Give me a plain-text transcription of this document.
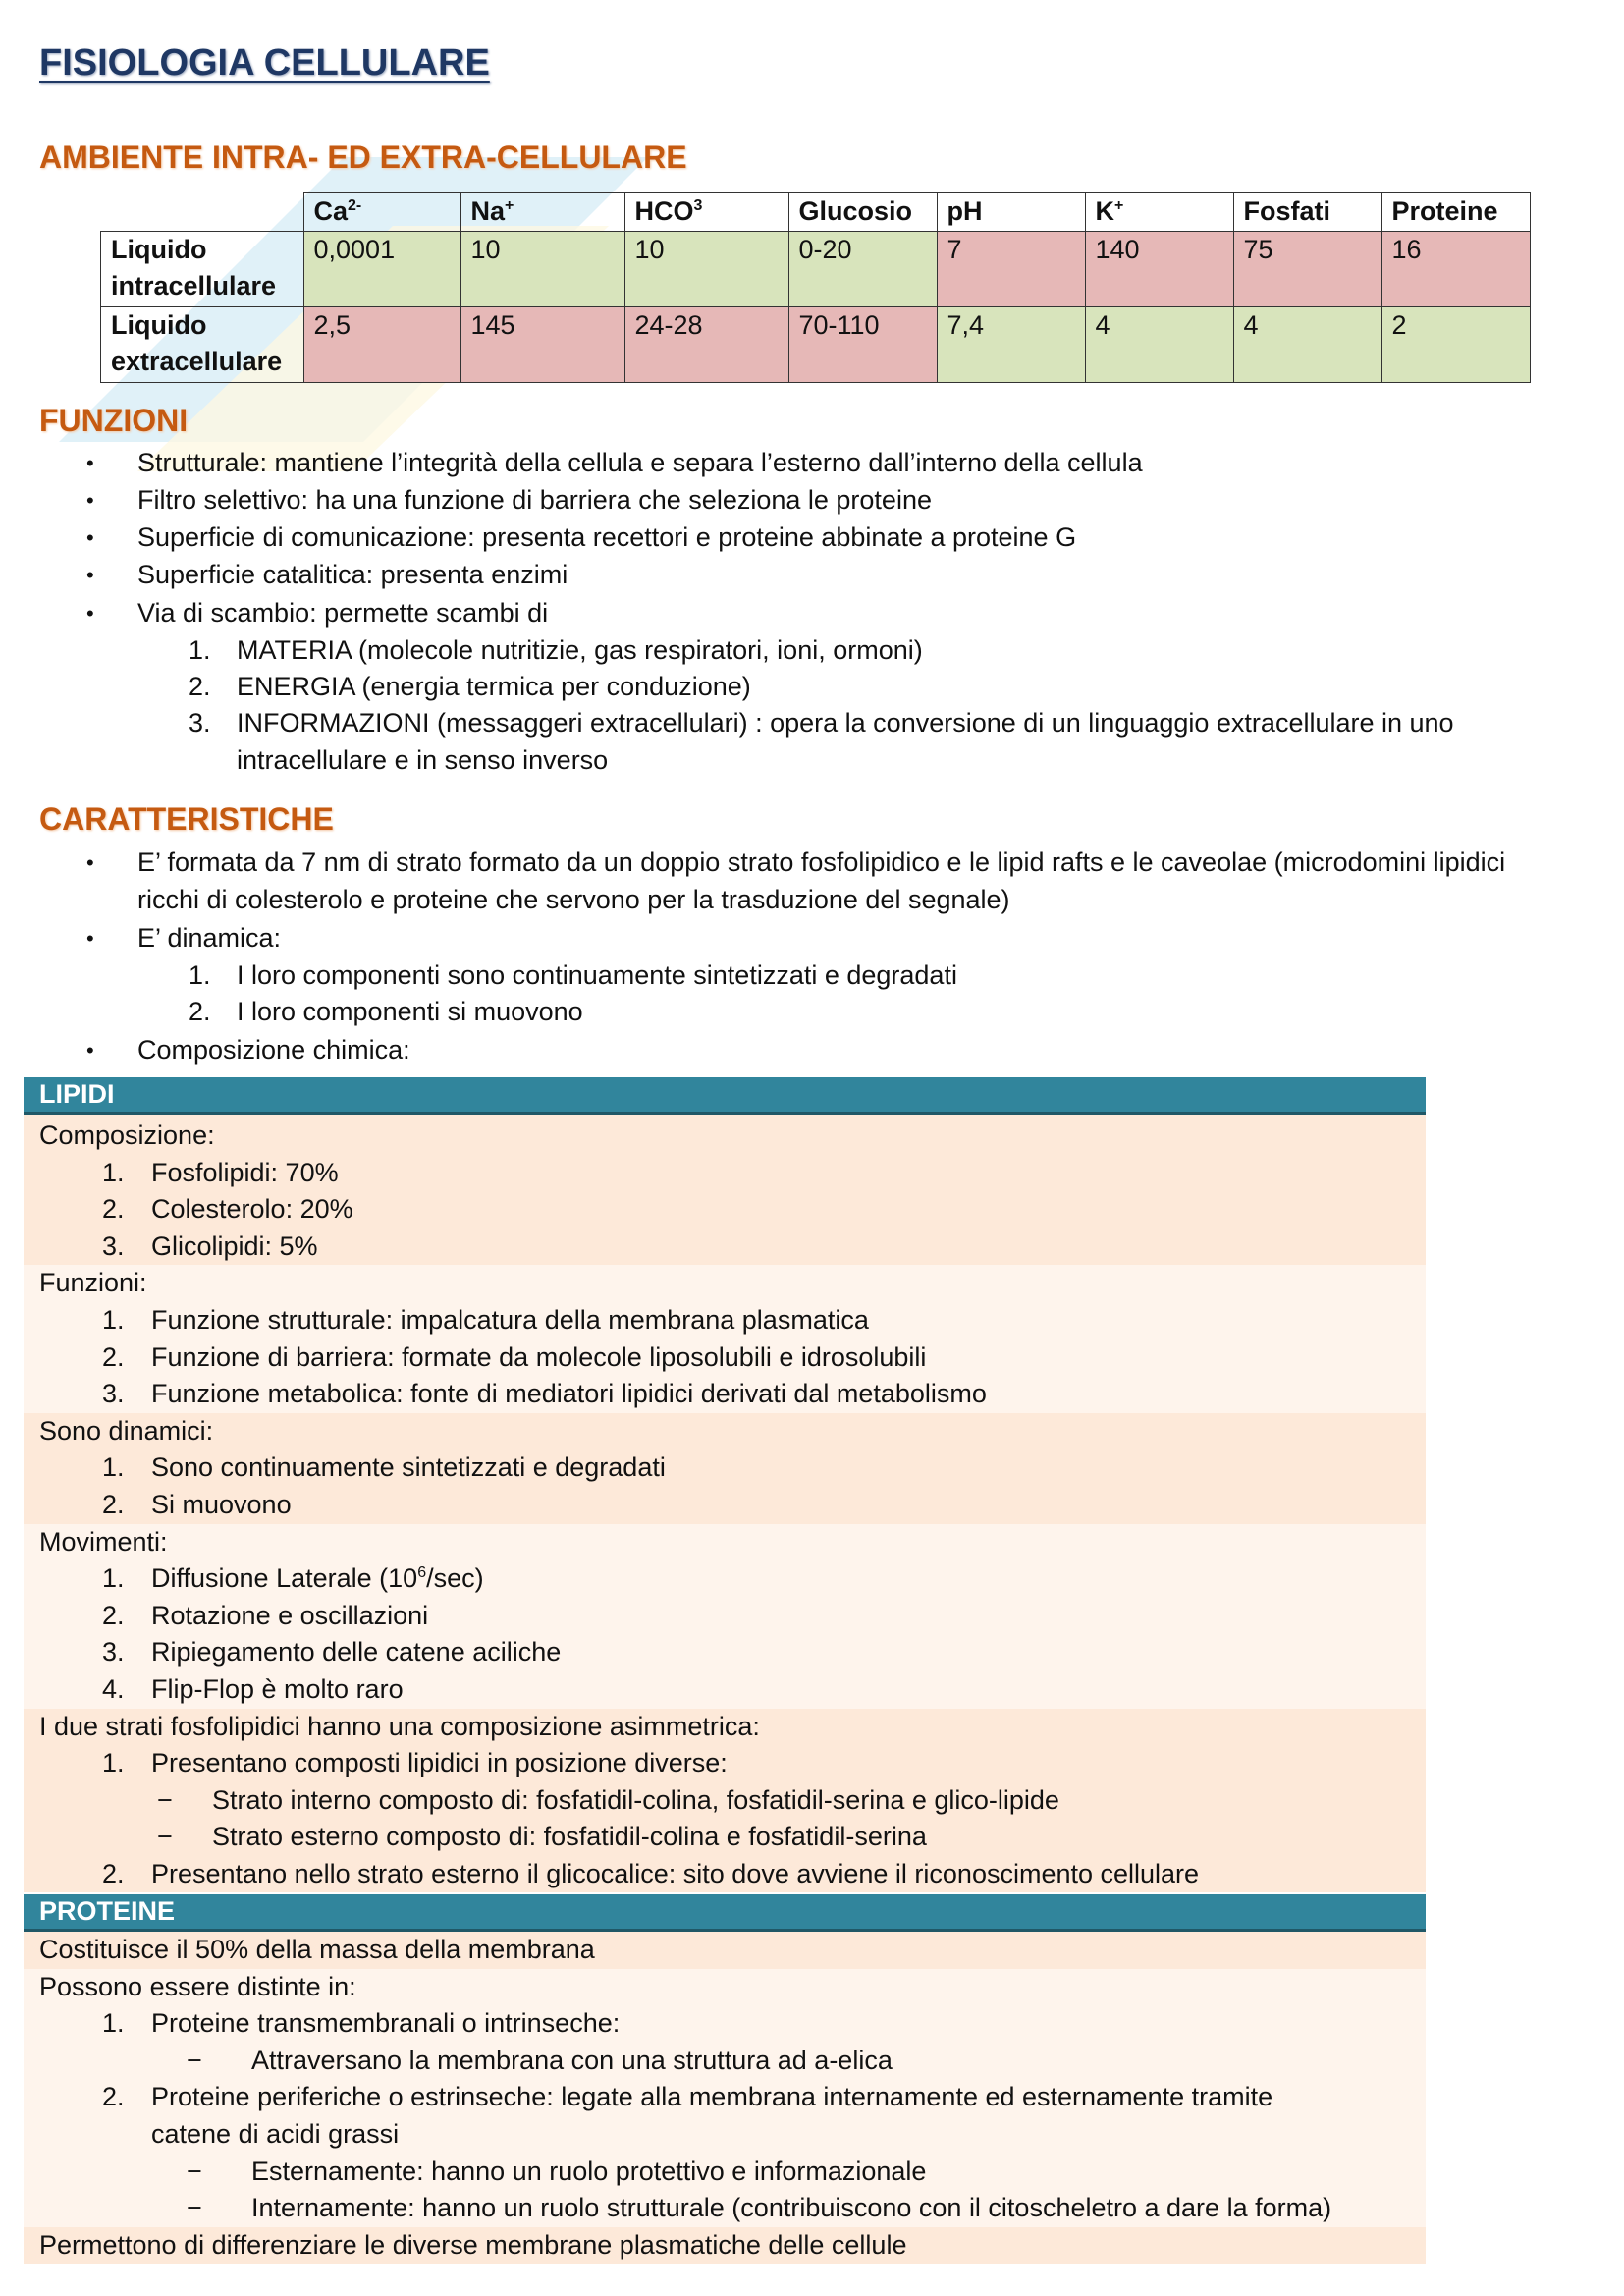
FISIOLOGIA CELLULARE
AMBIENTE INTRA- ED EXTRA-CELLULARE
	$Ca^{2-}$	Na+	HCO$^3$	Glucosio	pH	K+	Fosfati	Proteine
Liquido
intracellulare	0,0001	10	10	0-20	7	140	75	16
Liquido
extracellulare	2,5	145	24-28	70-110	7,4	4	4	2
FUNZIONI
• Strutturale: mantiene l’integrità della cellula e separa l’esterno dall’interno della cellula
• Filtro selettivo: ha una funzione di barriera che seleziona le proteine
• Superficie di comunicazione: presenta recettori e proteine abbinate a proteine G
• Superficie catalitica: presenta enzimi
• Via di scambio: permette scambi di
1. MATERIA (molecole nutritizie, gas respiratori, ioni, ormoni)
2. ENERGIA (energia termica per conduzione)
3. INFORMAZIONI (messaggeri extracellulari) : opera la conversione di un linguaggio extracellulare in uno
intracellulare e in senso inverso
CARATTERISTICHE
• E’ formata da 7 nm di strato formato da un doppio strato fosfolipidico e le lipid rafts e le caveolae (microdomini lipidici
ricchi di colesterolo e proteine che servono per la trasduzione del segnale)
• E’ dinamica:
1. I loro componenti sono continuamente sintetizzati e degradati
2. I loro componenti si muovono
• Composizione chimica:
LIPIDI
Composizione:
1. Fosfolipidi: 70%
2. Colesterolo: 20%
3. Glicolipidi: 5%
Funzioni:
1. Funzione strutturale: impalcatura della membrana plasmatica
2. Funzione di barriera: formate da molecole liposolubili e idrosolubili
3. Funzione metabolica: fonte di mediatori lipidici derivati dal metabolismo
Sono dinamici:
1. Sono continuamente sintetizzati e degradati
2. Si muovono
Movimenti:
1. Diffusione Laterale $(10^6/\sec)$
2. Rotazione e oscillazioni
3. Ripiegamento delle catene aciliche
4. Flip-Flop è molto raro
I due strati fosfolipidici hanno una composizione asimmetrica:
1. Presentano composti lipidici in posizione diverse:
− Strato interno composto di: fosfatidil-colina, fosfatidil-serina e glico-lipide
− Strato esterno composto di: fosfatidil-colina e fosfatidil-serina
2. Presentano nello strato esterno il glicocalice: sito dove avviene il riconoscimento cellulare
PROTEINE
Costituisce il 50% della massa della membrana
Possono essere distinte in:
1. Proteine transmembranali o intrinseche:
− Attraversano la membrana con una struttura ad a-elica
2. Proteine periferiche o estrinseche: legate alla membrana internamente ed esternamente tramite
catene di acidi grassi
− Esternamente: hanno un ruolo protettivo e informazionale
− Internamente: hanno un ruolo strutturale (contribuiscono con il citoscheletro a dare la forma)
Permettono di differenziare le diverse membrane plasmatiche delle cellule
